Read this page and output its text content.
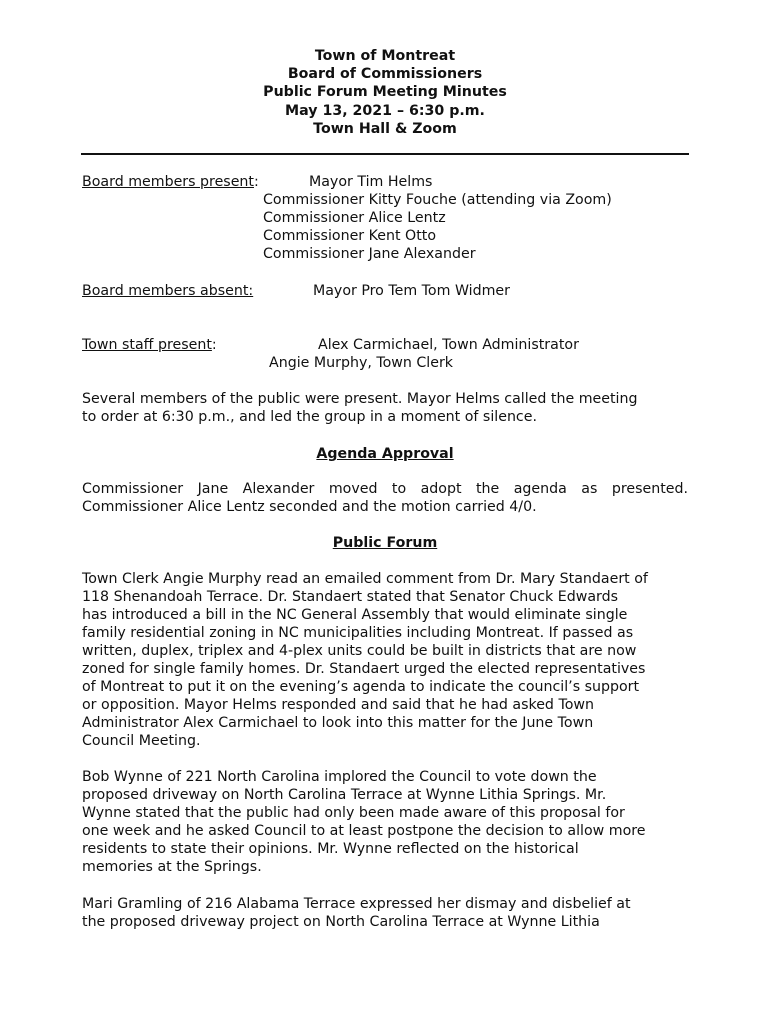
Town of Montreat
Board of Commissioners
Public Forum Meeting Minutes
May 13, 2021 – 6:30 p.m.
Town Hall & Zoom
Board members present:	Mayor Tim Helms
Commissioner Kitty Fouche (attending via Zoom)
Commissioner Alice Lentz
Commissioner Kent Otto
Commissioner Jane Alexander
Board members absent:	Mayor Pro Tem Tom Widmer
Town staff present:	Alex Carmichael, Town Administrator
Angie Murphy, Town Clerk
Several members of the public were present. Mayor Helms called the meeting
to order at 6:30 p.m., and led the group in a moment of silence.
Agenda Approval
Commissioner Jane Alexander moved to adopt the agenda as presented. Commissioner Alice Lentz seconded and the motion carried 4/0.
Public Forum
Town Clerk Angie Murphy read an emailed comment from Dr. Mary Standaert of
118 Shenandoah Terrace. Dr. Standaert stated that Senator Chuck Edwards
has introduced a bill in the NC General Assembly that would eliminate single
family residential zoning in NC municipalities including Montreat. If passed as
written, duplex, triplex and 4-plex units could be built in districts that are now
zoned for single family homes. Dr. Standaert urged the elected representatives
of Montreat to put it on the evening’s agenda to indicate the council’s support
or opposition. Mayor Helms responded and said that he had asked Town
Administrator Alex Carmichael to look into this matter for the June Town
Council Meeting.
Bob Wynne of 221 North Carolina implored the Council to vote down the
proposed driveway on North Carolina Terrace at Wynne Lithia Springs. Mr.
Wynne stated that the public had only been made aware of this proposal for
one week and he asked Council to at least postpone the decision to allow more
residents to state their opinions. Mr. Wynne reflected on the historical
memories at the Springs.
Mari Gramling of 216 Alabama Terrace expressed her dismay and disbelief at
the proposed driveway project on North Carolina Terrace at Wynne Lithia
